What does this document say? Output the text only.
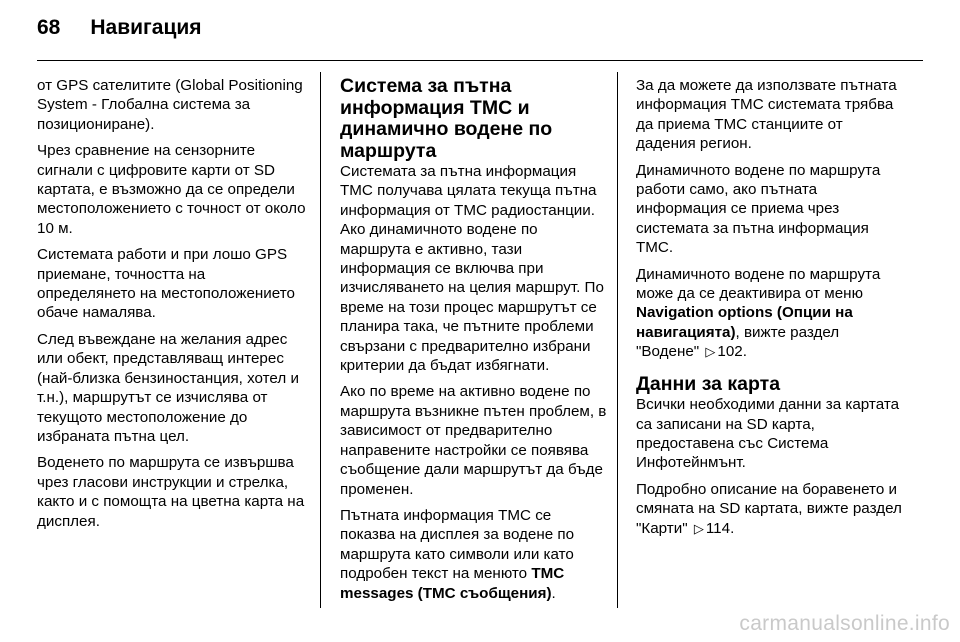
68 Навигация

от GPS сателитите (Global Positioning System - Глобална система за позициониране).

Чрез сравнение на сензорните сигнали с цифровите карти от SD картата, е възможно да се определи местоположението с точност от около 10 м.

Системата работи и при лошо GPS приемане, точността на определянето на местоположението обаче намалява.

След въвеждане на желания адрес или обект, представляващ интерес (най-близка бензиностанция, хотел и т.н.), маршрутът се изчислява от текущото местоположение до избраната пътна цел.

Воденето по маршрута се извършва чрез гласови инструкции и стрелка, както и с помощта на цветна карта на дисплея.

Система за пътна информация TMC и динамично водене по маршрута

Системата за пътна информация TMC получава цялата текуща пътна информация от TMC радиостанции. Ако динамичното водене по маршрута е активно, тази информация се включва при изчисляването на целия маршрут. По време на този процес маршрутът се планира така, че пътните проблеми свързани с предварително избрани критерии да бъдат избягнати.

Ако по време на активно водене по маршрута възникне пътен проблем, в зависимост от предварително направените настройки се появява съобщение дали маршрутът да бъде променен.

Пътната информация TMC се показва на дисплея за водене по маршрута като символи или като подробен текст на менюто TMC messages (TMC съобщения).

За да можете да използвате пътната информация TMC системата трябва да приема TMC станциите от дадения регион.

Динамичното водене по маршрута работи само, ако пътната информация се приема чрез системата за пътна информация TMC.

Динамичното водене по маршрута може да се деактивира от меню Navigation options (Опции на навигацията), вижте раздел "Водене" ▷ 102.

Данни за карта

Всички необходими данни за картата са записани на SD карта, предоставена със Система Инфотейнмънт.

Подробно описание на боравенето и смяната на SD картата, вижте раздел "Карти" ▷ 114.

carmanualsonline.info
